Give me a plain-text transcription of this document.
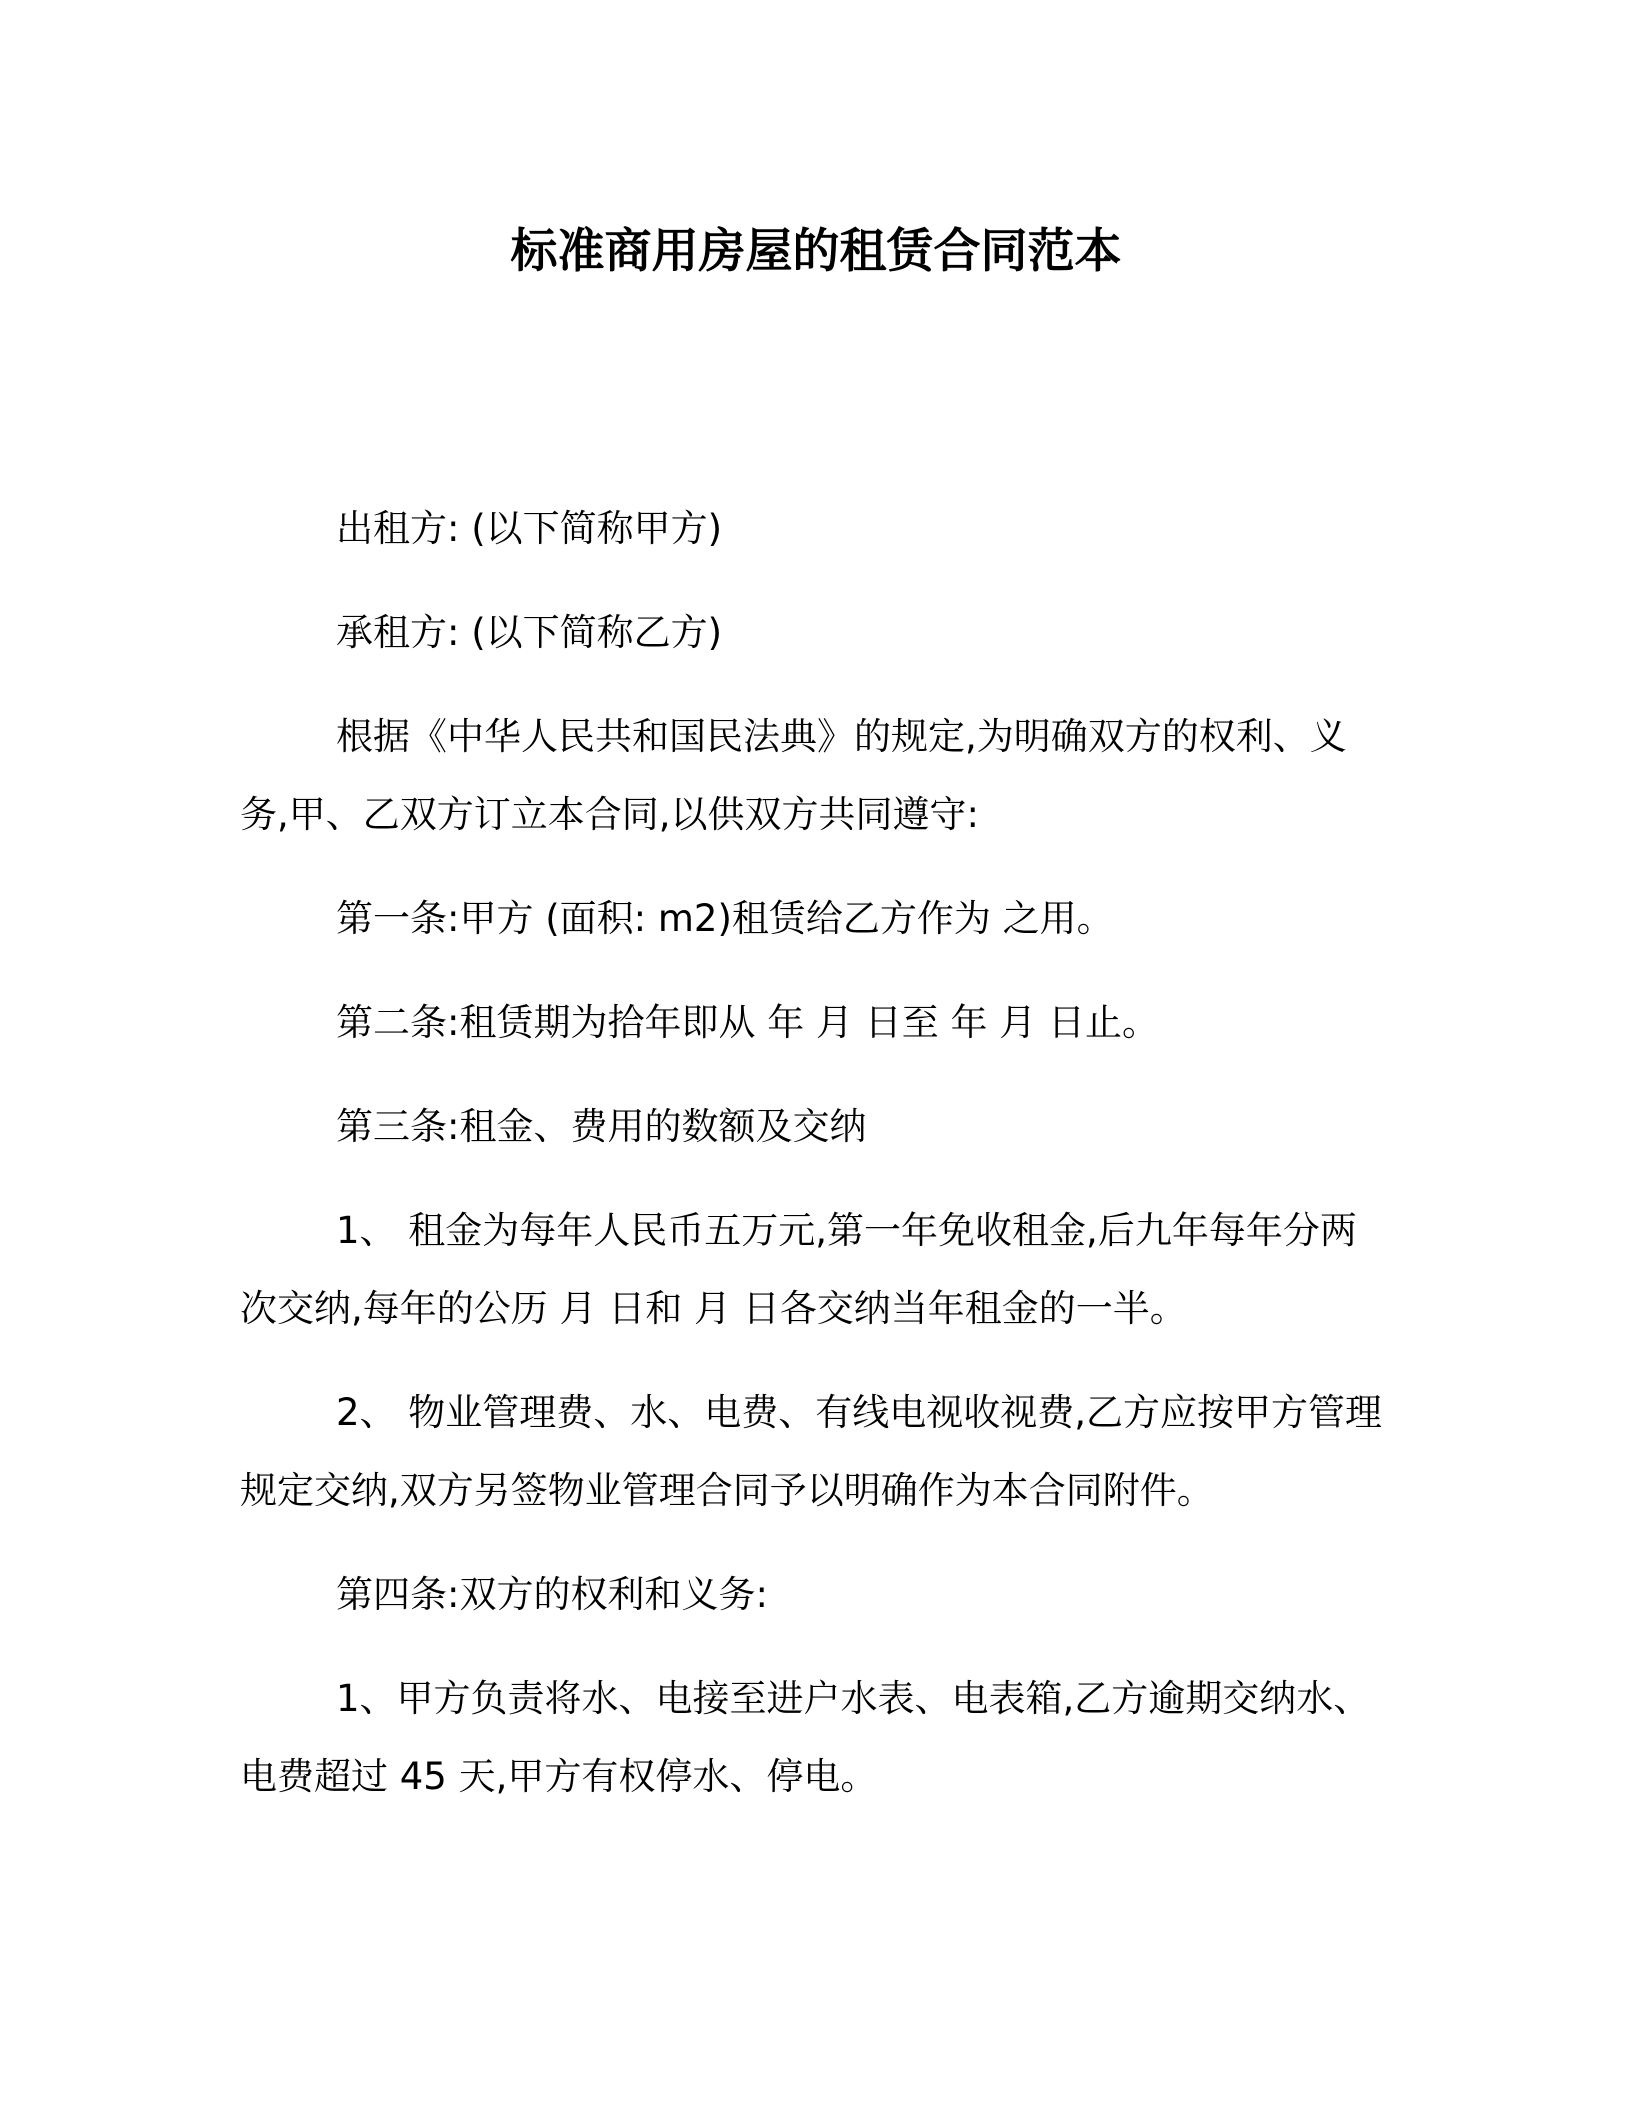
标准商用房屋的租赁合同范本

出租方: (以下简称甲方)

承租方: (以下简称乙方)

根据《中华人民共和国民法典》的规定,为明确双方的权利、义务,甲、乙双方订立本合同,以供双方共同遵守:

第一条:甲方 (面积: m2)租赁给乙方作为 之用。

第二条:租赁期为拾年即从 年 月 日至 年 月 日止。

第三条:租金、费用的数额及交纳

1、 租金为每年人民币五万元,第一年免收租金,后九年每年分两次交纳,每年的公历 月 日和 月 日各交纳当年租金的一半。

2、 物业管理费、水、电费、有线电视收视费,乙方应按甲方管理规定交纳,双方另签物业管理合同予以明确作为本合同附件。

第四条:双方的权利和义务:

1、甲方负责将水、电接至进户水表、电表箱,乙方逾期交纳水、电费超过 45 天,甲方有权停水、停电。
